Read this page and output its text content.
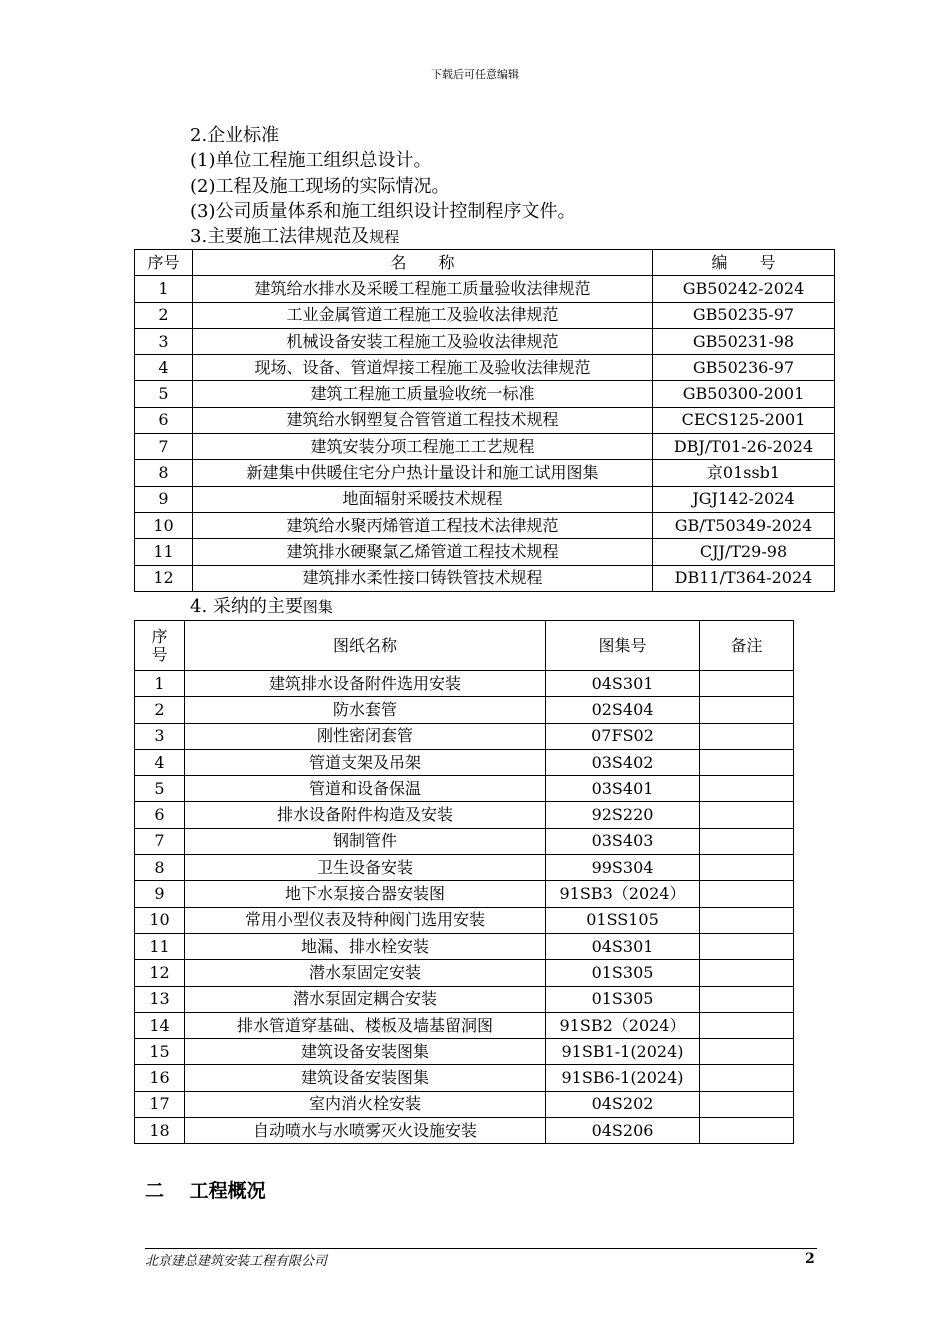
下载后可任意编辑
2.企业标准
(1)单位工程施工组织总设计。
(2)工程及施工现场的实际情况。
(3)公司质量体系和施工组织设计控制程序文件。
3.主要施工法律规范及规程
序号	名　　称	编　　号
1	建筑给水排水及采暖工程施工质量验收法律规范	GB50242-2024
2	工业金属管道工程施工及验收法律规范	GB50235-97
3	机械设备安装工程施工及验收法律规范	GB50231-98
4	现场、设备、管道焊接工程施工及验收法律规范	GB50236-97
5	建筑工程施工质量验收统一标准	GB50300-2001
6	建筑给水钢塑复合管管道工程技术规程	CECS125-2001
7	建筑安装分项工程施工工艺规程	DBJ/T01-26-2024
8	新建集中供暖住宅分户热计量设计和施工试用图集	京01ssb1
9	地面辐射采暖技术规程	JGJ142-2024
10	建筑给水聚丙烯管道工程技术法律规范	GB/T50349-2024
11	建筑排水硬聚氯乙烯管道工程技术规程	CJJ/T29-98
12	建筑排水柔性接口铸铁管技术规程	DB11/T364-2024
4. 采纳的主要图集
序
号	图纸名称	图集号	备注
1	建筑排水设备附件选用安装	04S301	
2	防水套管	02S404	
3	刚性密闭套管	07FS02	
4	管道支架及吊架	03S402	
5	管道和设备保温	03S401	
6	排水设备附件构造及安装	92S220	
7	钢制管件	03S403	
8	卫生设备安装	99S304	
9	地下水泵接合器安装图	91SB3（2024）	
10	常用小型仪表及特种阀门选用安装	01SS105	
11	地漏、排水栓安装	04S301	
12	潜水泵固定安装	01S305	
13	潜水泵固定耦合安装	01S305	
14	排水管道穿基础、楼板及墙基留洞图	91SB2（2024）	
15	建筑设备安装图集	91SB1-1(2024)	
16	建筑设备安装图集	91SB6-1(2024)	
17	室内消火栓安装	04S202	
18	自动喷水与水喷雾灭火设施安装	04S206	
二　 工程概况
北京建总建筑安装工程有限公司	2
